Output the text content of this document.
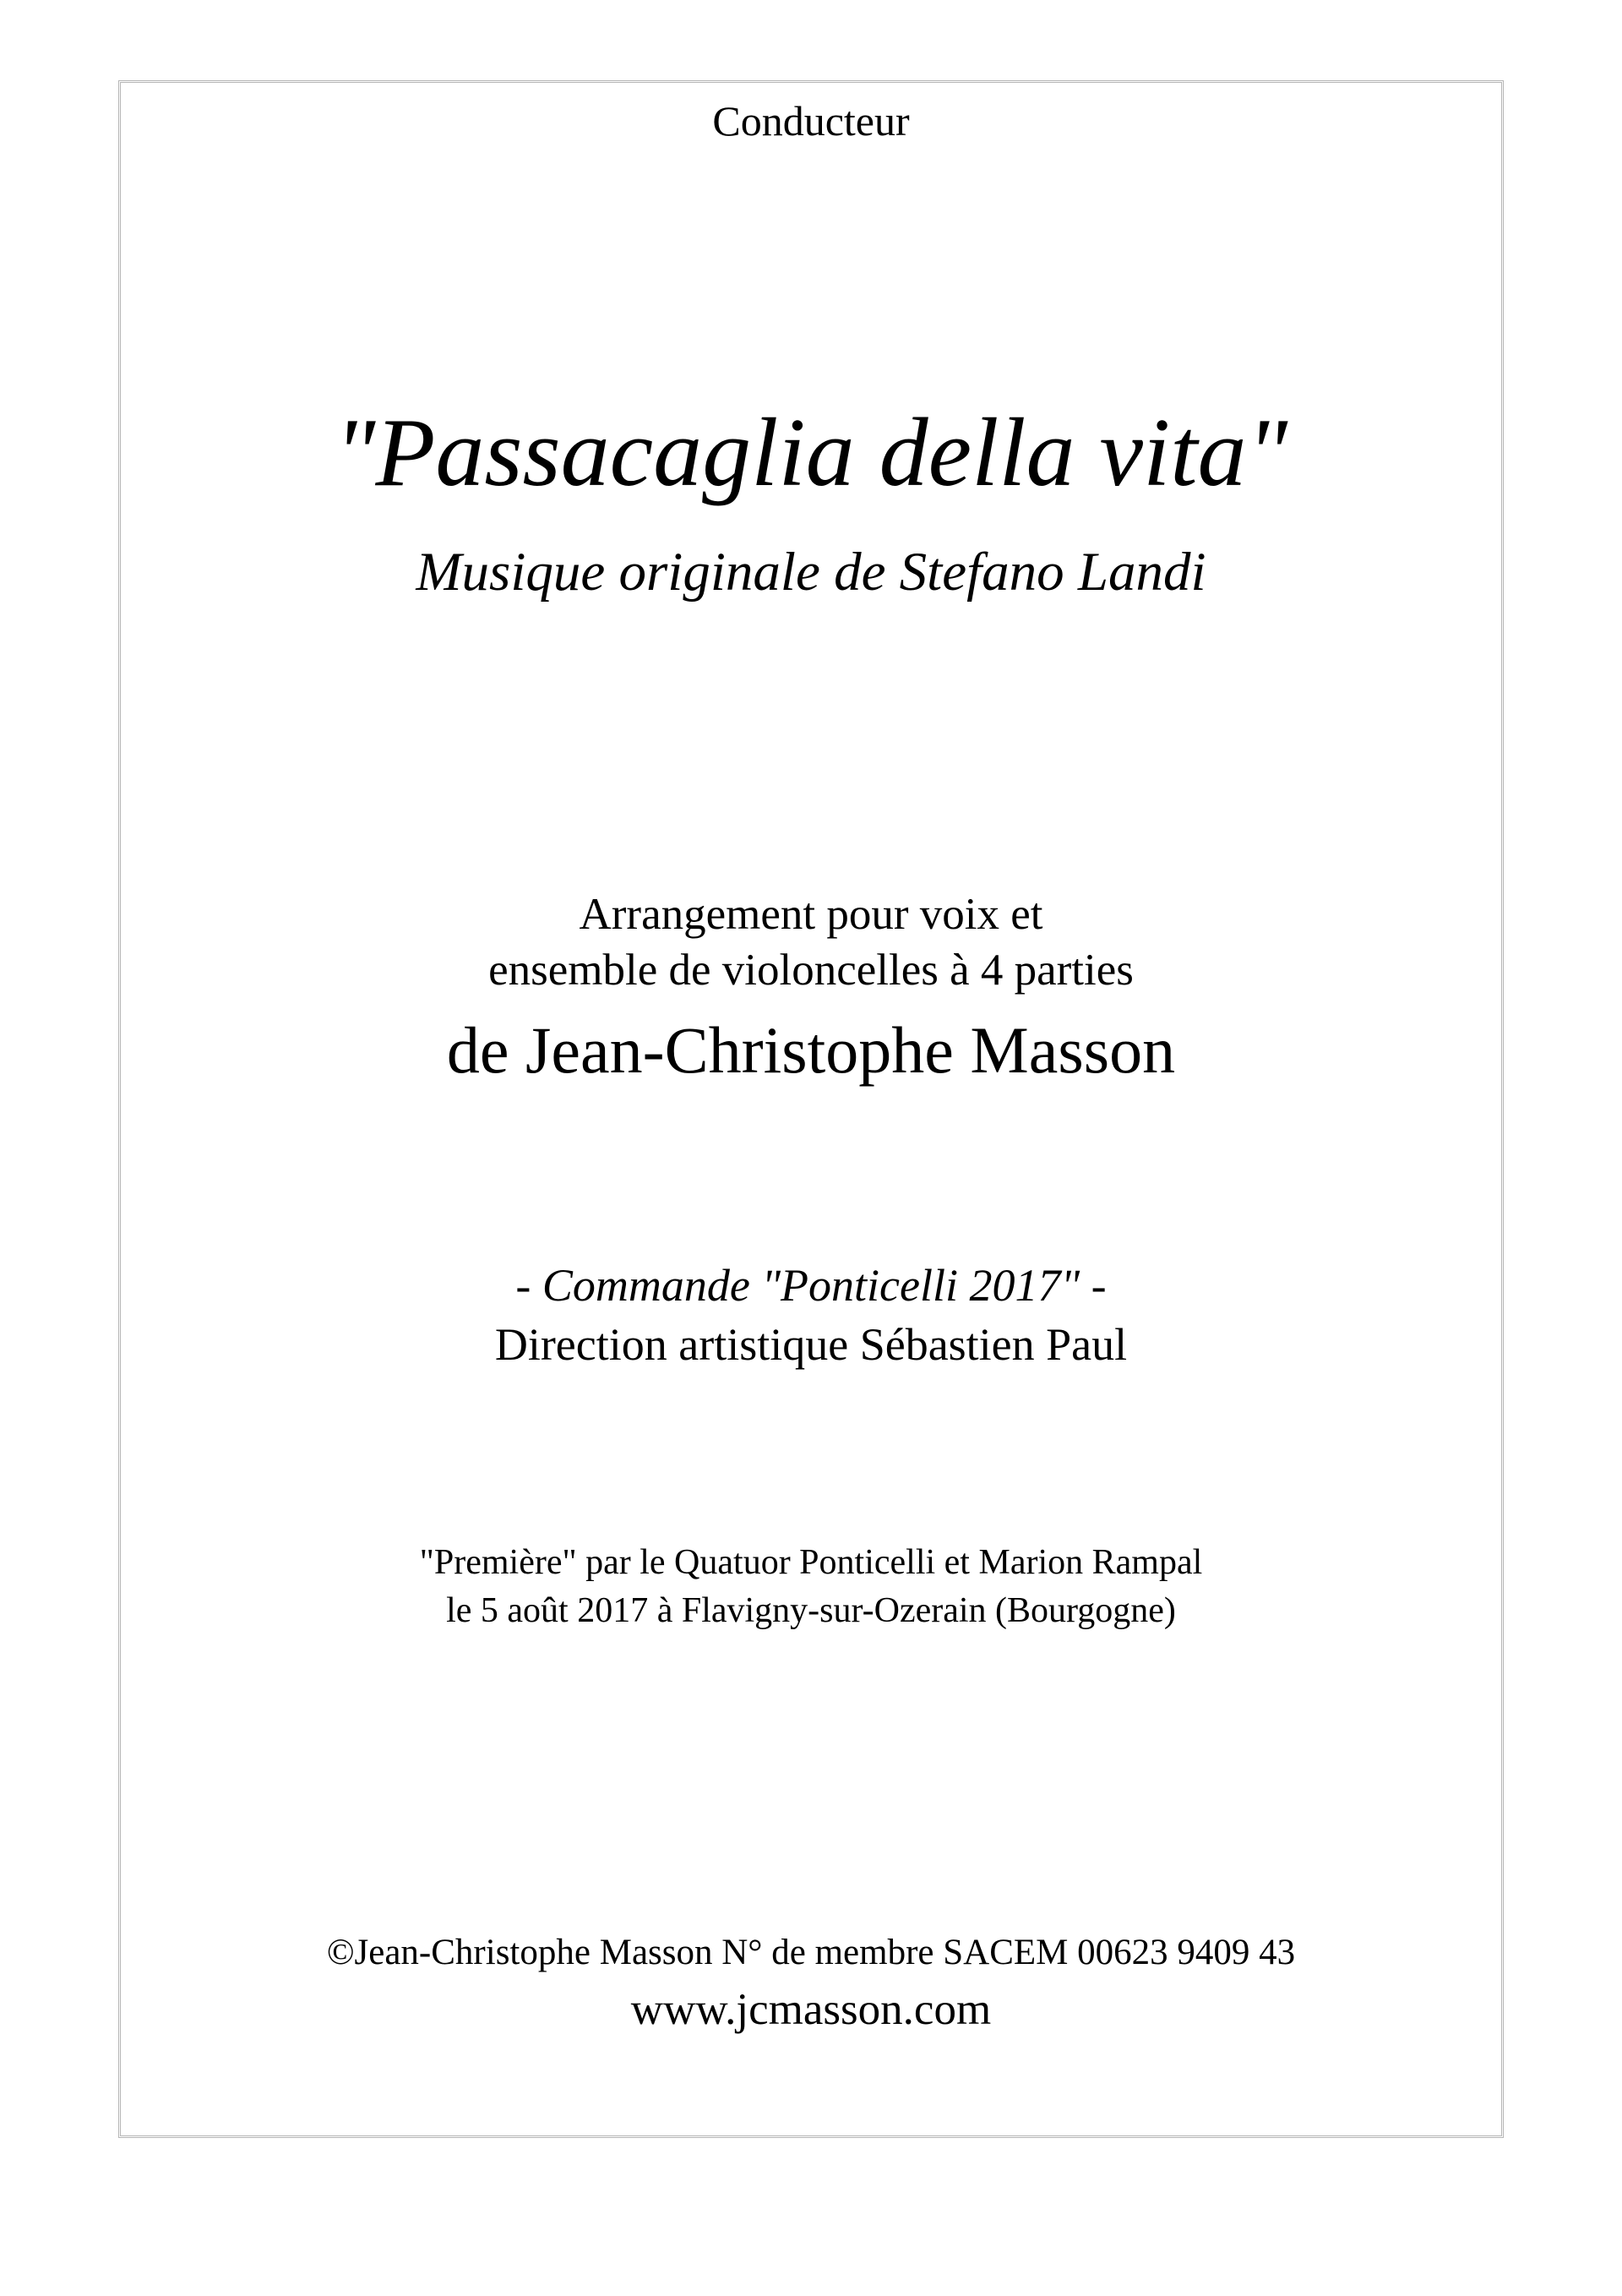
Conducteur
"Passacaglia della vita"
Musique originale de Stefano Landi
Arrangement pour voix et
ensemble de violoncelles à 4 parties
de Jean-Christophe Masson
- Commande "Ponticelli 2017" -
Direction artistique Sébastien Paul
"Première" par le Quatuor Ponticelli et Marion Rampal
le 5 août 2017 à Flavigny-sur-Ozerain (Bourgogne)
©Jean-Christophe Masson N° de membre SACEM 00623 9409 43
www.jcmasson.com
